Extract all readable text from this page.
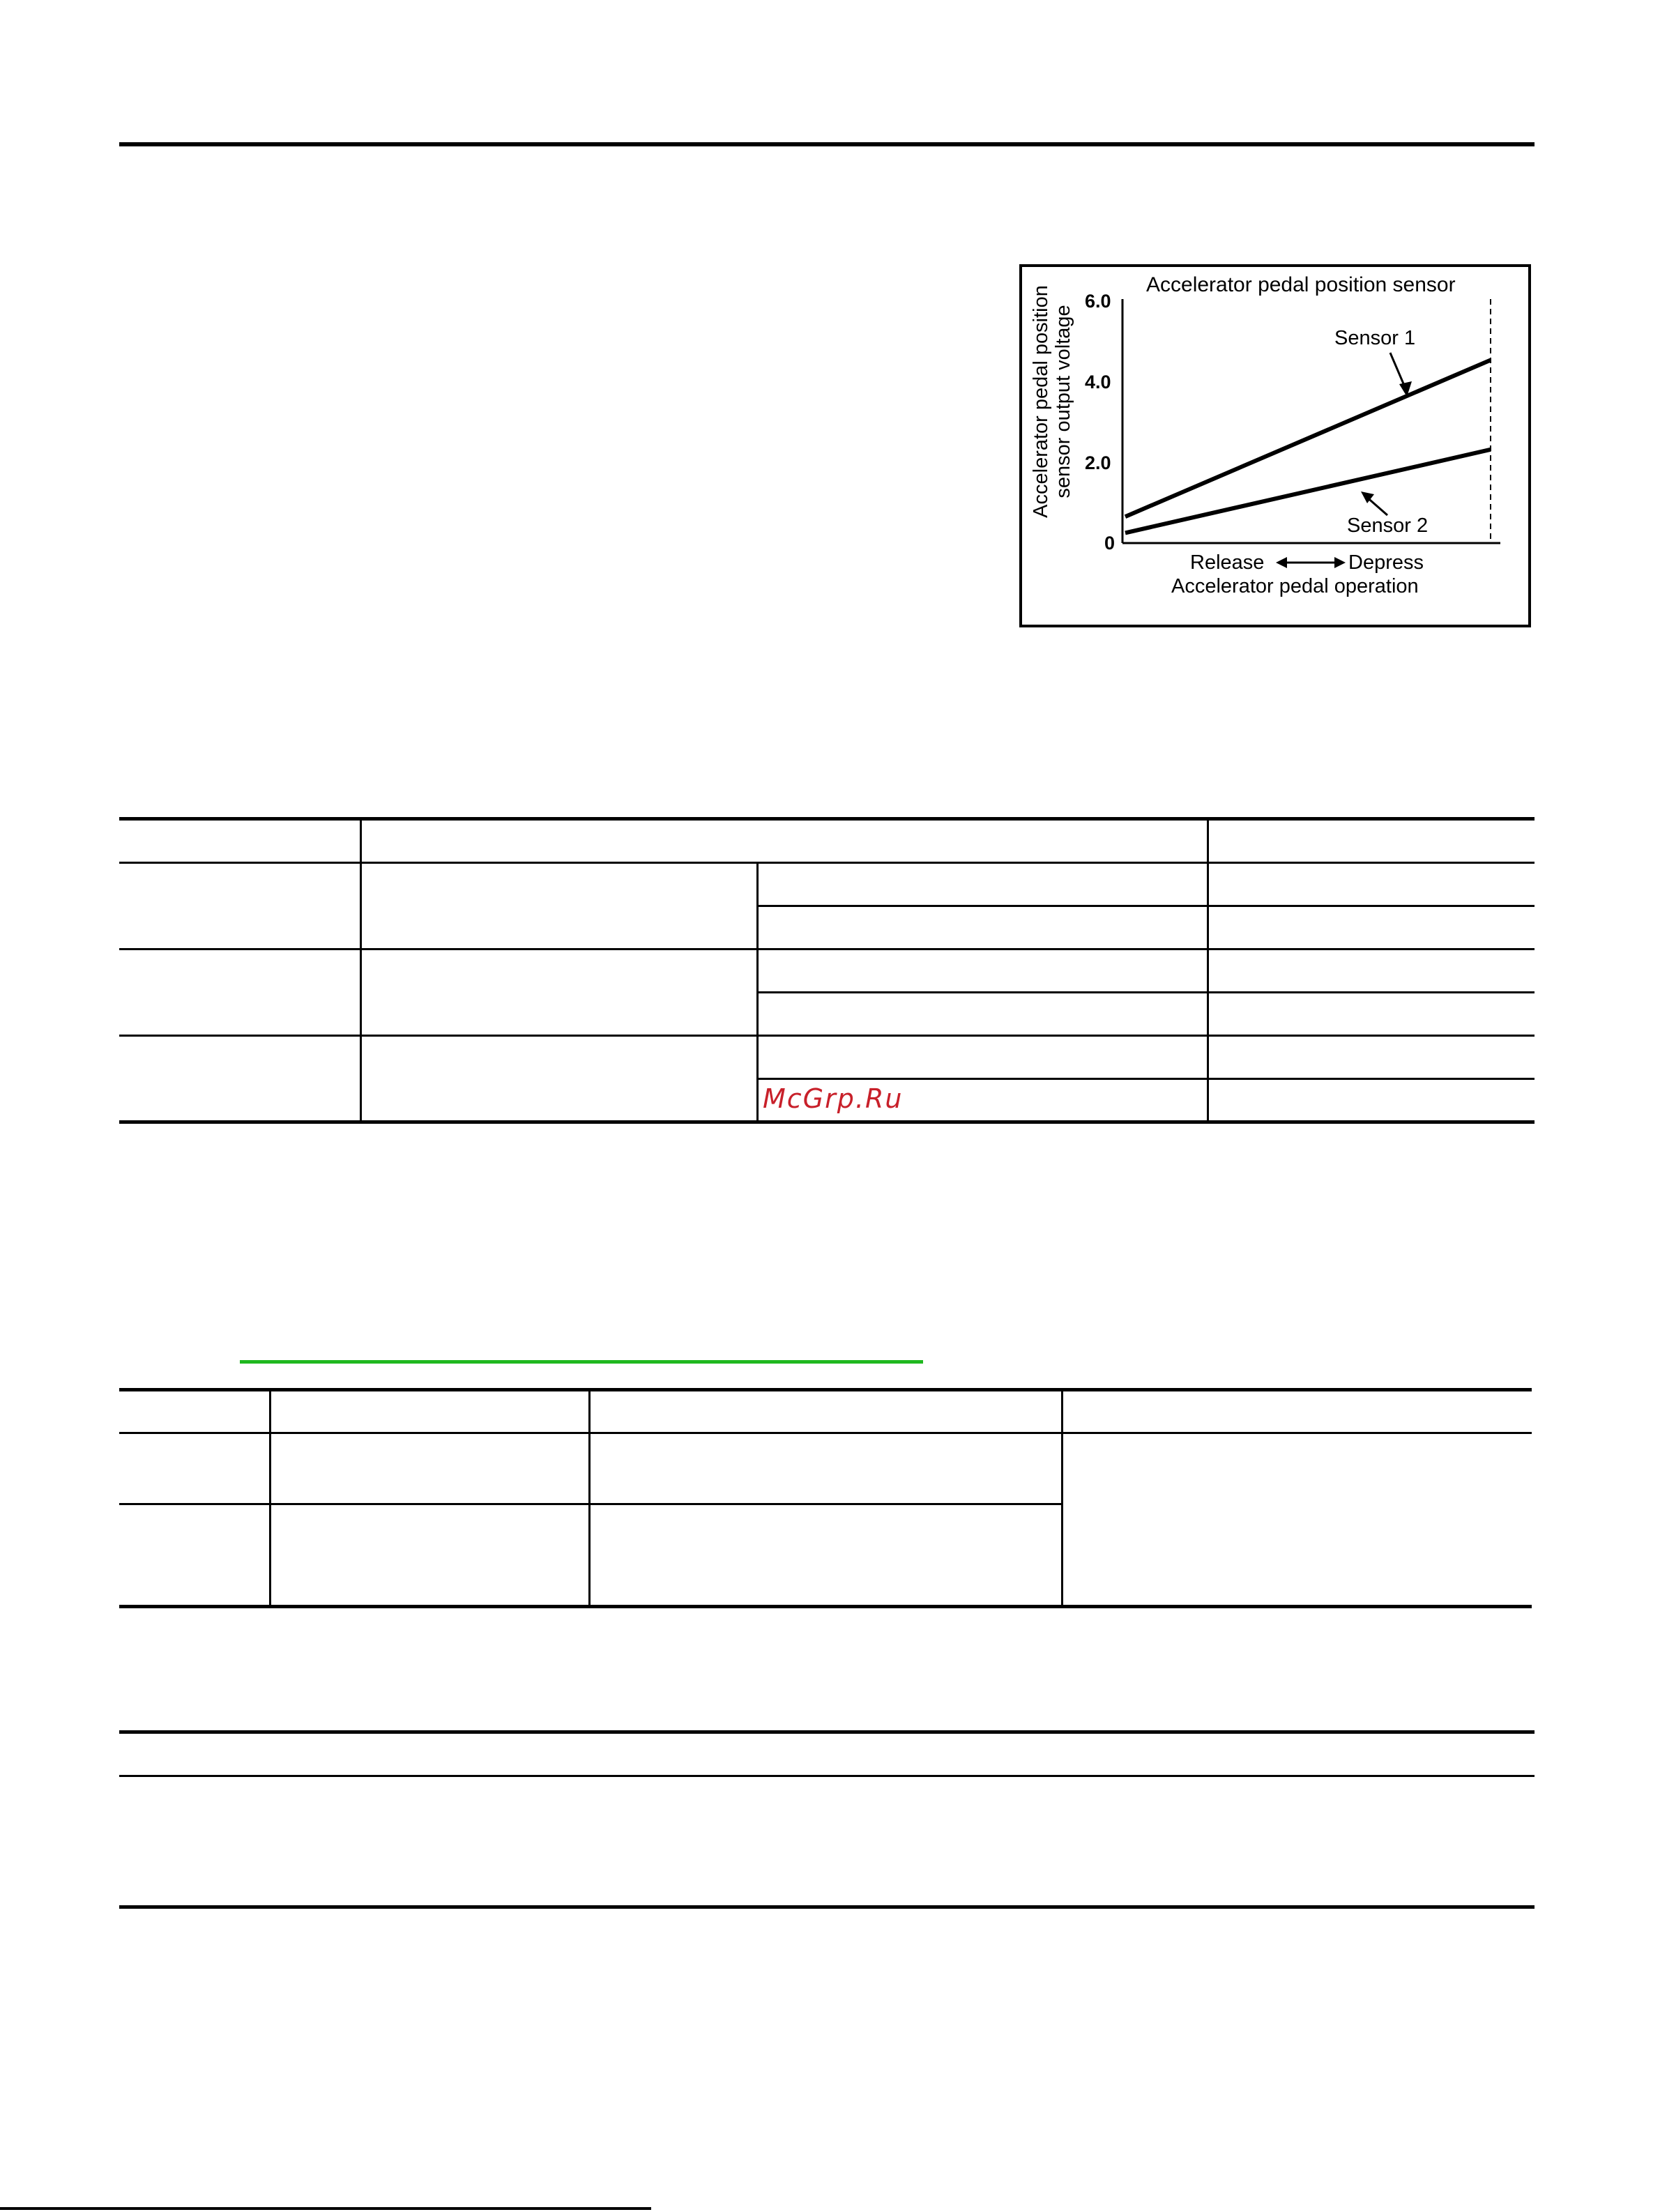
Accelerator pedal position sensor
Accelerator pedal position sensor output voltage
6.0
4.0
2.0
0
Sensor 1
Sensor 2
Release	Depress
Accelerator pedal operation
McGrp.Ru
